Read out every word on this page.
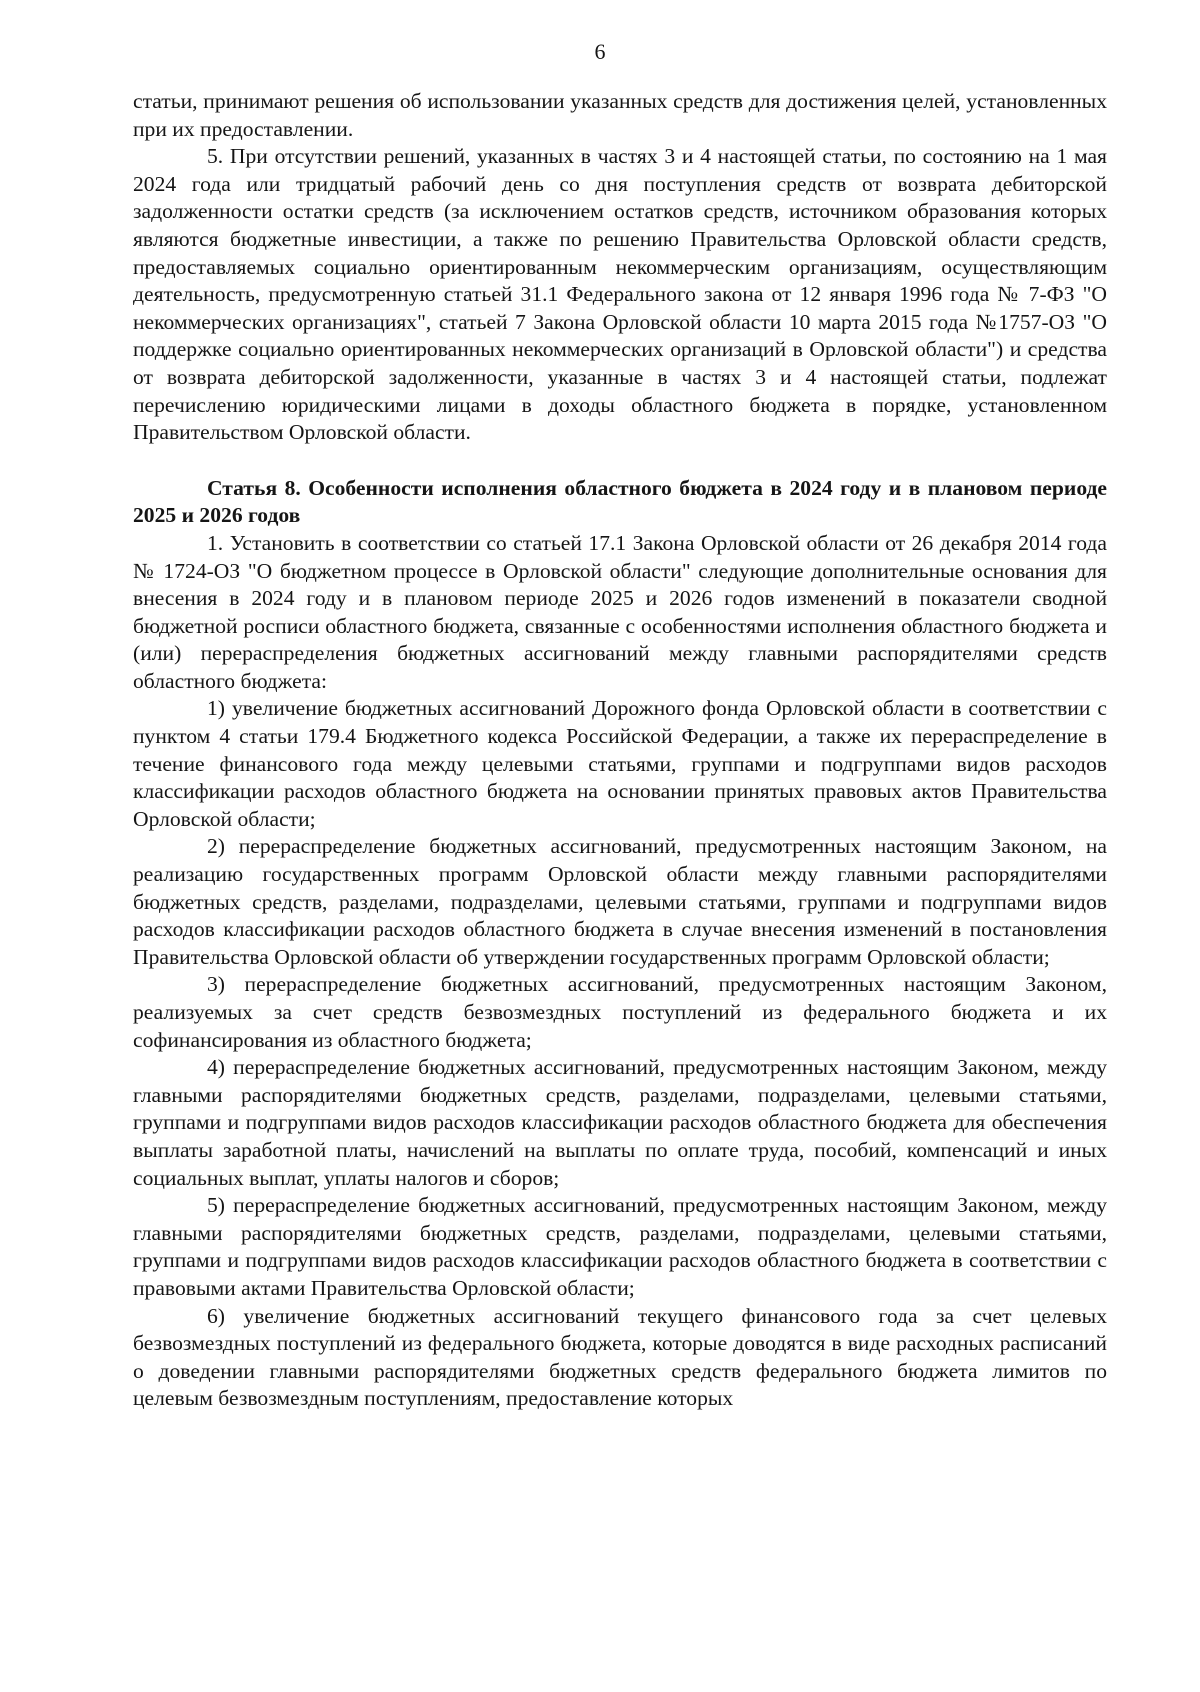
6

статьи, принимают решения об использовании указанных средств для достижения целей, установленных при их предоставлении.

5. При отсутствии решений, указанных в частях 3 и 4 настоящей статьи, по состоянию на 1 мая 2024 года или тридцатый рабочий день со дня поступления средств от возврата дебиторской задолженности остатки средств (за исключением остатков средств, источником образования которых являются бюджетные инвестиции, а также по решению Правительства Орловской области средств, предоставляемых социально ориентированным некоммерческим организациям, осуществляющим деятельность, предусмотренную статьей 31.1 Федерального закона от 12 января 1996 года № 7-ФЗ "О некоммерческих организациях", статьей 7 Закона Орловской области 10 марта 2015 года №1757-ОЗ "О поддержке социально ориентированных некоммерческих организаций в Орловской области") и средства от возврата дебиторской задолженности, указанные в частях 3 и 4 настоящей статьи, подлежат перечислению юридическими лицами в доходы областного бюджета в порядке, установленном Правительством Орловской области.

Статья 8. Особенности исполнения областного бюджета в 2024 году и в плановом периоде 2025 и 2026 годов

1. Установить в соответствии со статьей 17.1 Закона Орловской области от 26 декабря 2014 года № 1724-ОЗ "О бюджетном процессе в Орловской области" следующие дополнительные основания для внесения в 2024 году и в плановом периоде 2025 и 2026 годов изменений в показатели сводной бюджетной росписи областного бюджета, связанные с особенностями исполнения областного бюджета и (или) перераспределения бюджетных ассигнований между главными распорядителями средств областного бюджета:

1) увеличение бюджетных ассигнований Дорожного фонда Орловской области в соответствии с пунктом 4 статьи 179.4 Бюджетного кодекса Российской Федерации, а также их перераспределение в течение финансового года между целевыми статьями, группами и подгруппами видов расходов классификации расходов областного бюджета на основании принятых правовых актов Правительства Орловской области;

2) перераспределение бюджетных ассигнований, предусмотренных настоящим Законом, на реализацию государственных программ Орловской области между главными распорядителями бюджетных средств, разделами, подразделами, целевыми статьями, группами и подгруппами видов расходов классификации расходов областного бюджета в случае внесения изменений в постановления Правительства Орловской области об утверждении государственных программ Орловской области;

3) перераспределение бюджетных ассигнований, предусмотренных настоящим Законом, реализуемых за счет средств безвозмездных поступлений из федерального бюджета и их софинансирования из областного бюджета;

4) перераспределение бюджетных ассигнований, предусмотренных настоящим Законом, между главными распорядителями бюджетных средств, разделами, подразделами, целевыми статьями, группами и подгруппами видов расходов классификации расходов областного бюджета для обеспечения выплаты заработной платы, начислений на выплаты по оплате труда, пособий, компенсаций и иных социальных выплат, уплаты налогов и сборов;

5) перераспределение бюджетных ассигнований, предусмотренных настоящим Законом, между главными распорядителями бюджетных средств, разделами, подразделами, целевыми статьями, группами и подгруппами видов расходов классификации расходов областного бюджета в соответствии с правовыми актами Правительства Орловской области;

6) увеличение бюджетных ассигнований текущего финансового года за счет целевых безвозмездных поступлений из федерального бюджета, которые доводятся в виде расходных расписаний о доведении главными распорядителями бюджетных средств федерального бюджета лимитов по целевым безвозмездным поступлениям, предоставление которых
